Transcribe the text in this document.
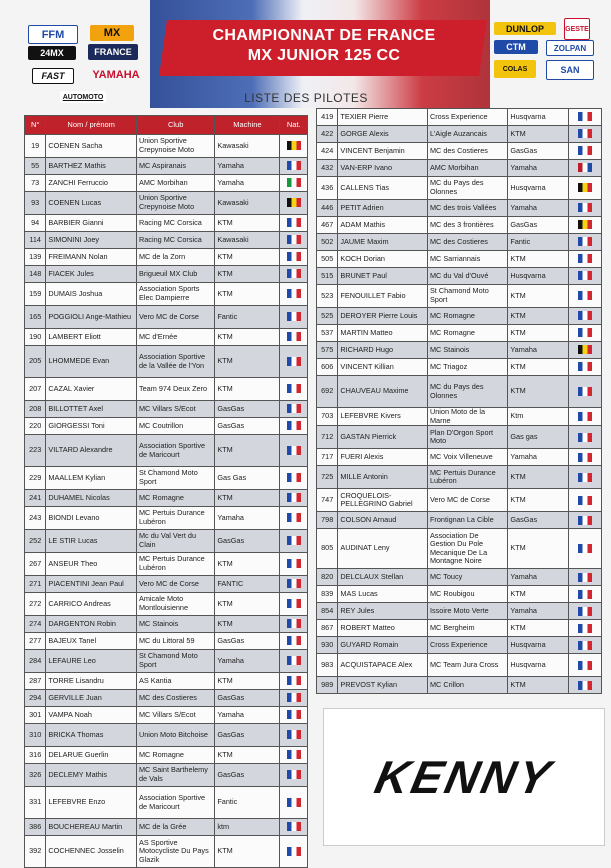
CHAMPIONNAT DE FRANCE
MX JUNIOR 125 CC
FFM	MX
24MX	FRANCE
FAST	YAMAHA
AUTOMOTO
DUNLOP	GESTE
CTM	ZOLPAN
COLAS	SAN
LISTE DES PILOTES
N°	Nom / prénom	Club	Machine	Nat.
19	COENEN Sacha	Union Sportive Crepynoise Moto	Kawasaki	
55	BARTHEZ Mathis	MC Aspiranais	Yamaha	
73	ZANCHI Ferruccio	AMC Morbihan	Yamaha	
93	COENEN Lucas	Union Sportive Crepynoise Moto	Kawasaki	
94	BARBIER Gianni	Racing MC Corsica	KTM	
114	SIMONINI Joey	Racing MC Corsica	Kawasaki	
139	FREIMANN Nolan	MC de la Zorn	KTM	
148	FIACEK Jules	Brigueuil MX Club	KTM	
159	DUMAIS Joshua	Association Sports Elec Dampierre	KTM	
165	POGGIOLI Ange-Mathieu	Vero MC de Corse	Fantic	
190	LAMBERT Eliott	MC d'Ernée	KTM	
205	LHOMMEDE Evan	Association Sportive de la Vallée de l'Yon	KTM	
207	CAZAL Xavier	Team 974 Deux Zero	KTM	
208	BILLOTTET Axel	MC Villars S/Ecot	GasGas	
220	GIORGESSI Toni	MC Coutrillon	GasGas	
223	VILTARD Alexandre	Association Sportive de Maricourt	KTM	
229	MAALLEM Kylian	St Chamond Moto Sport	Gas Gas	
241	DUHAMEL Nicolas	MC Romagne	KTM	
243	BIONDI Levano	MC Pertuis Durance Lubéron	Yamaha	
252	LE STIR Lucas	Mc du Val Vert du Clain	GasGas	
267	ANSEUR Theo	MC Pertuis Durance Lubéron	KTM	
271	PIACENTINI Jean Paul	Vero MC de Corse	FANTIC	
272	CARRICO Andreas	Amicale Moto Montlouisienne	KTM	
274	DARGENTON Robin	MC Stainois	KTM	
277	BAJEUX Tanel	MC du Littoral 59	GasGas	
284	LEFAURE Leo	St Chamond Moto Sport	Yamaha	
287	TORRE Lisandru	AS Kantia	KTM	
294	GERVILLE Juan	MC des Costieres	GasGas	
301	VAMPA Noah	MC Villars S/Ecot	Yamaha	
310	BRICKA Thomas	Union Moto Bitchoise	GasGas	
316	DELARUE Guerlin	MC Romagne	KTM	
326	DECLEMY Mathis	MC Saint Barthelemy de Vals	GasGas	
331	LEFEBVRE Enzo	Association Sportive de Maricourt	Fantic	
386	BOUCHEREAU Martin	MC de la Grée	ktm	
392	COCHENNEC Josselin	AS Sportive Motocycliste Du Pays Glazik	KTM	
419	TEXIER Pierre	Cross Experience	Husqvarna	
422	GORGE Alexis	L'Aigle Auzancais	KTM	
424	VINCENT Benjamin	MC des Costieres	GasGas	
432	VAN-ERP Ivano	AMC Morbihan	Yamaha	
436	CALLENS Tias	MC du Pays des Olonnes	Husqvarna	
446	PETIT Adrien	MC des trois Vallées	Yamaha	
467	ADAM Mathis	MC des 3 frontières	GasGas	
502	JAUME Maxim	MC des Costieres	Fantic	
505	KOCH Dorian	MC Sarriannais	KTM	
515	BRUNET Paul	MC du Val d'Ouvé	Husqvarna	
523	FENOUILLET Fabio	St Chamond Moto Sport	KTM	
525	DEROYER Pierre Louis	MC Romagne	KTM	
537	MARTIN Matteo	MC Romagne	KTM	
575	RICHARD Hugo	MC Stainois	Yamaha	
606	VINCENT Killian	MC Triagoz	KTM	
692	CHAUVEAU Maxime	MC du Pays des Olonnes	KTM	
703	LEFEBVRE Kivers	Union Moto de la Marne	Ktm	
712	GASTAN Pierrick	Plan D'Orgon Sport Moto	Gas gas	
717	FUERI Alexis	MC Voix Villeneuve	Yamaha	
725	MILLE Antonin	MC Pertuis Durance Lubéron	KTM	
747	CROQUELOIS-PELLEGRINO Gabriel	Vero MC de Corse	KTM	
798	COLSON Arnaud	Frontignan La Cible	GasGas	
805	AUDINAT Leny	Association De Gestion Du Pole Mecanique De La Montagne Noire	KTM	
820	DELCLAUX Stellan	MC Toucy	Yamaha	
839	MAS Lucas	MC Roubigou	KTM	
854	REY Jules	Issoire Moto Verte	Yamaha	
867	ROBERT Matteo	MC Bergheim	KTM	
930	GUYARD Romain	Cross Experience	Husqvarna	
983	ACQUISTAPACE Alex	MC Team Jura Cross	Husqvarna	
989	PREVOST Kylian	MC Crillon	KTM	
KENNY
